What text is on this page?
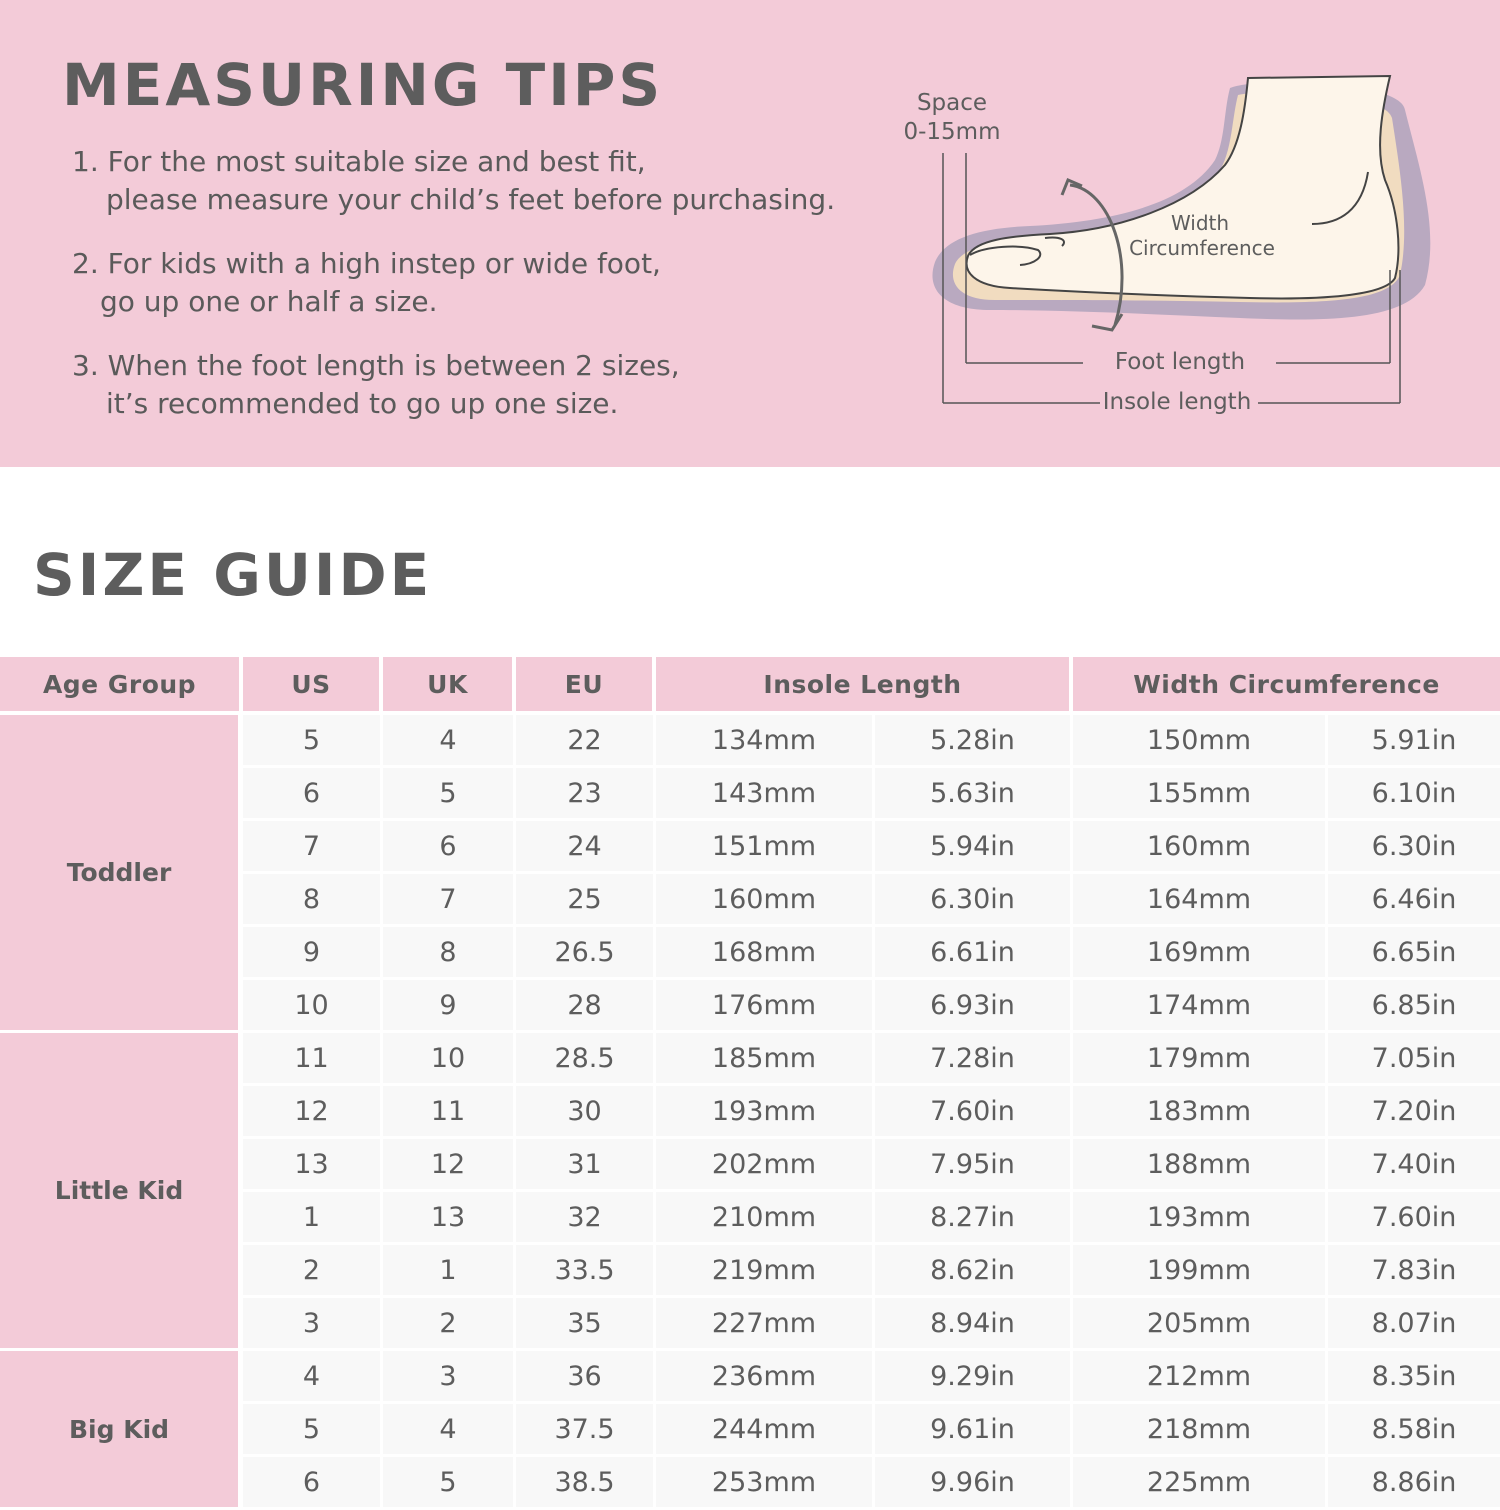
MEASURING TIPS
1. For the most suitable size and best fit,
please measure your child’s feet before purchasing.
2. For kids with a high instep or wide foot,
go up one or half a size.
3. When the foot length is between 2 sizes,
it’s recommended to go up one size.
Space
0-15mm
Width
Circumference
Foot length
Insole length
SIZE GUIDE
Age Group	US	UK	EU	Insole Length		Width Circumference	
Toddler	5	4	22	134mm	5.28in	150mm	5.91in
	6	5	23	143mm	5.63in	155mm	6.10in
	7	6	24	151mm	5.94in	160mm	6.30in
	8	7	25	160mm	6.30in	164mm	6.46in
	9	8	26.5	168mm	6.61in	169mm	6.65in
	10	9	28	176mm	6.93in	174mm	6.85in
Little Kid	11	10	28.5	185mm	7.28in	179mm	7.05in
	12	11	30	193mm	7.60in	183mm	7.20in
	13	12	31	202mm	7.95in	188mm	7.40in
	1	13	32	210mm	8.27in	193mm	7.60in
	2	1	33.5	219mm	8.62in	199mm	7.83in
	3	2	35	227mm	8.94in	205mm	8.07in
Big Kid	4	3	36	236mm	9.29in	212mm	8.35in
	5	4	37.5	244mm	9.61in	218mm	8.58in
	6	5	38.5	253mm	9.96in	225mm	8.86in
